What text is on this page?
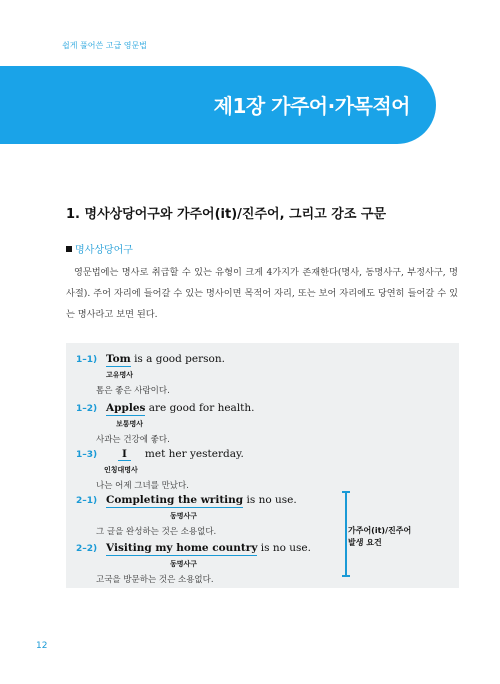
쉽게 풀어쓴 고급 영문법
제1장 가주어·가목적어
1. 명사상당어구와 가주어(it)/진주어, 그리고 강조 구문
명사상당어구
영문법에는 명사로 취급할 수 있는 유형이 크게 4가지가 존재한다(명사, 동명사구, 부정사구, 명사절). 주어 자리에 들어갈 수 있는 명사이면 목적어 자리, 또는 보어 자리에도 당연히 들어갈 수 있는 명사라고 보면 된다.
1–1) Tom is a good person.
고유명사
톰은 좋은 사람이다.
1–2) Apples are good for health.
보통명사
사과는 건강에 좋다.
1–3)	I met her yesterday.
인칭대명사
나는 어제 그녀를 만났다.
2–1) Completing the writing is no use.
동명사구
그 글을 완성하는 것은 소용없다.
2–2) Visiting my home country is no use.
동명사구
고국을 방문하는 것은 소용없다.
가주어(it)/진주어
발생 요건
12
